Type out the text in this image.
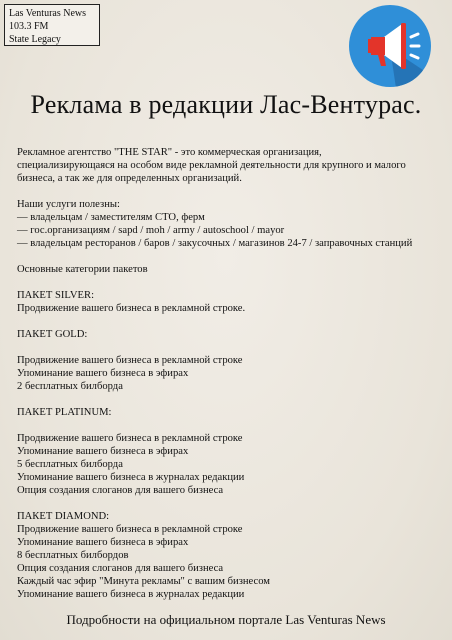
Las Venturas News
103.3 FM
State Legacy
Реклама в редакции Лас-Вентурас.

Рекламное агентство "THE STAR" - это коммерческая организация,

специализирующаяся на особом виде рекламной деятельности для крупного и малого

бизнеса, а так же для определенных организаций.

Наши услуги полезны:

— владельцам / заместителям СТО, ферм

— гос.организациям / sapd / moh / army / autoschool / mayor

— владельцам ресторанов / баров / закусочных / магазинов 24-7 / заправочных станций

Основные категории пакетов

ПАКЕТ SILVER:

Продвижение вашего бизнеса в рекламной строке.

ПАКЕТ GOLD:

Продвижение вашего бизнеса в рекламной строке

Упоминание вашего бизнеса в эфирах

2 бесплатных билборда

ПАКЕТ PLATINUM:

Продвижение вашего бизнеса в рекламной строке

Упоминание вашего бизнеса в эфирах

5 бесплатных билборда

Упоминание вашего бизнеса в журналах редакции

Опция создания слоганов для вашего бизнеса

ПАКЕТ DIAMOND:

Продвижение вашего бизнеса в рекламной строке

Упоминание вашего бизнеса в эфирах

8 бесплатных билбордов

Опция создания слоганов для вашего бизнеса

Каждый час эфир "Минута рекламы" с вашим бизнесом

Упоминание вашего бизнеса в журналах редакции

Подробности на официальном портале Las Venturas News
